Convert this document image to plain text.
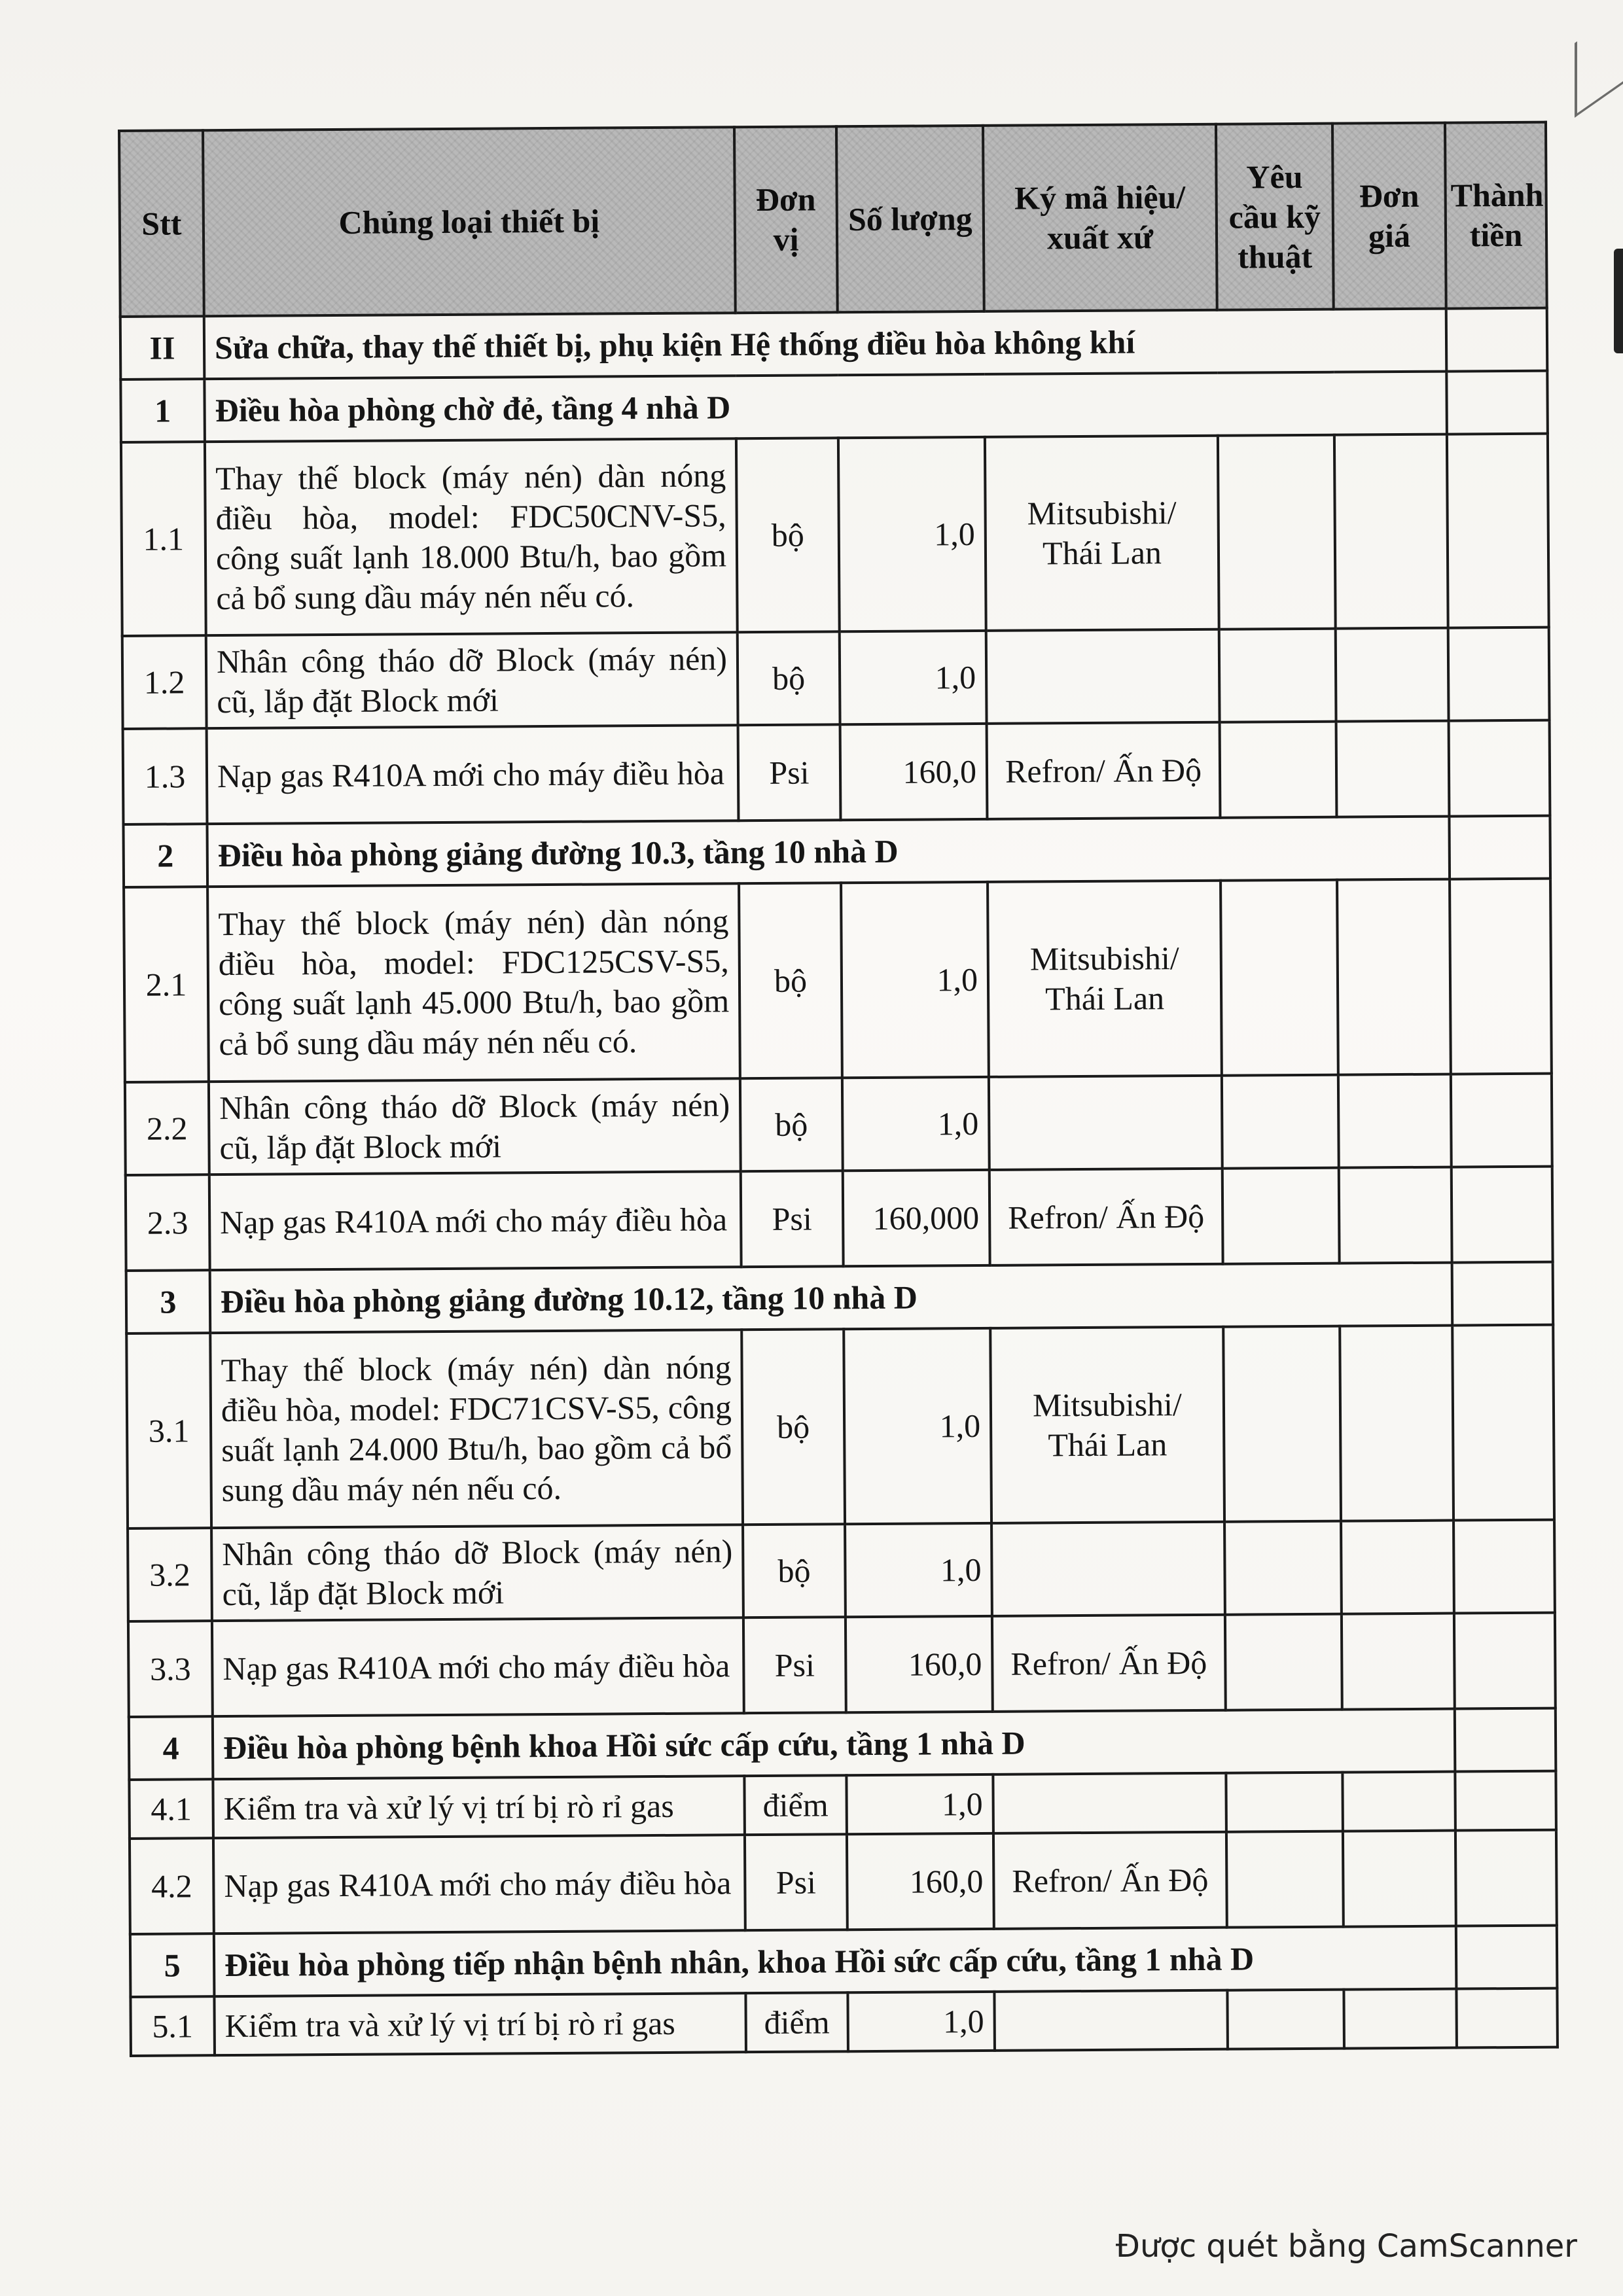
Stt	Chủng loại thiết bị	Đơn vị	Số lượng	Ký mã hiệu/ xuất xứ	Yêu cầu kỹ thuật	Đơn giá	Thành tiền
II	Sửa chữa, thay thế thiết bị, phụ kiện Hệ thống điều hòa không khí						
1	Điều hòa phòng chờ đẻ, tầng 4 nhà D						
1.1	Thay thế block (máy nén) dàn nóng điều hòa, model: FDC50CNV-S5, công suất lạnh 18.000 Btu/h, bao gồm cả bổ sung dầu máy nén nếu có.	bộ	1,0	Mitsubishi/ Thái Lan			
1.2	Nhân công tháo dỡ Block (máy nén) cũ, lắp đặt Block mới	bộ	1,0				
1.3	Nạp gas R410A mới cho máy điều hòa	Psi	160,0	Refron/ Ấn Độ			
2	Điều hòa phòng giảng đường 10.3, tầng 10 nhà D						
2.1	Thay thế block (máy nén) dàn nóng điều hòa, model: FDC125CSV-S5, công suất lạnh 45.000 Btu/h, bao gồm cả bổ sung dầu máy nén nếu có.	bộ	1,0	Mitsubishi/ Thái Lan			
2.2	Nhân công tháo dỡ Block (máy nén) cũ, lắp đặt Block mới	bộ	1,0				
2.3	Nạp gas R410A mới cho máy điều hòa	Psi	160,000	Refron/ Ấn Độ			
3	Điều hòa phòng giảng đường 10.12, tầng 10 nhà D						
3.1	Thay thế block (máy nén) dàn nóng điều hòa, model: FDC71CSV-S5, công suất lạnh 24.000 Btu/h, bao gồm cả bổ sung dầu máy nén nếu có.	bộ	1,0	Mitsubishi/ Thái Lan			
3.2	Nhân công tháo dỡ Block (máy nén) cũ, lắp đặt Block mới	bộ	1,0				
3.3	Nạp gas R410A mới cho máy điều hòa	Psi	160,0	Refron/ Ấn Độ			
4	Điều hòa phòng bệnh khoa Hồi sức cấp cứu, tầng 1 nhà D						
4.1	Kiểm tra và xử lý vị trí bị rò rỉ gas	điểm	1,0				
4.2	Nạp gas R410A mới cho máy điều hòa	Psi	160,0	Refron/ Ấn Độ			
5	Điều hòa phòng tiếp nhận bệnh nhân, khoa Hồi sức cấp cứu, tầng 1 nhà D						
5.1	Kiểm tra và xử lý vị trí bị rò rỉ gas	điểm	1,0				
Được quét bằng CamScanner
